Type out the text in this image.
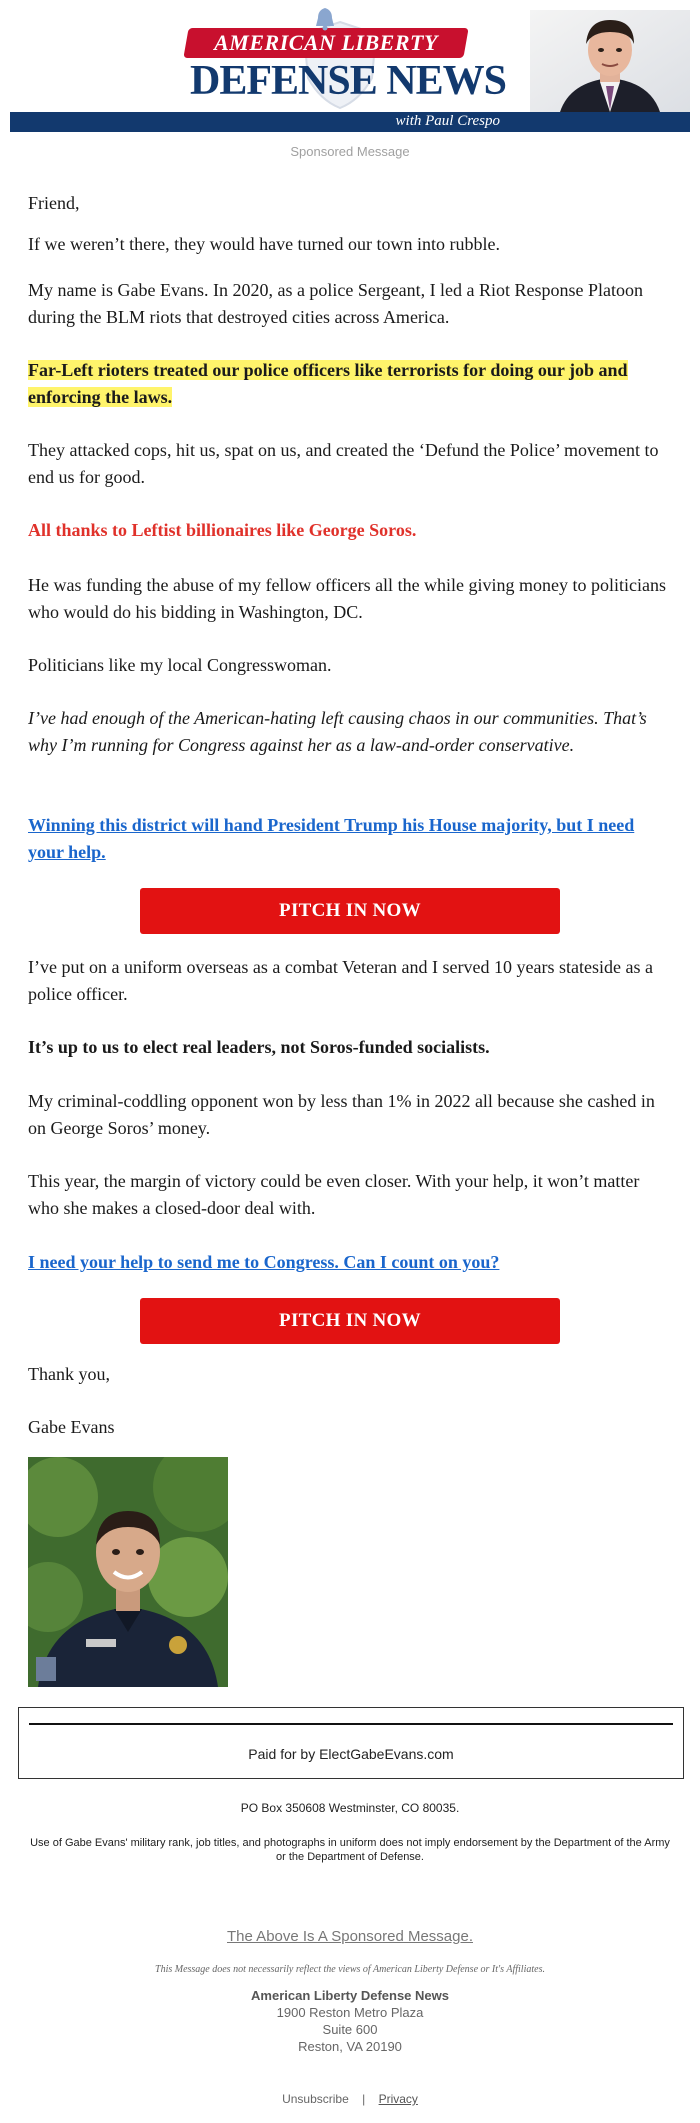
AMERICAN LIBERTY
DEFENSE NEWS
with Paul Crespo
Sponsored Message

Friend,

If we weren’t there, they would have turned our town into rubble.

My name is Gabe Evans. In 2020, as a police Sergeant, I led a Riot Response Platoon during the BLM riots that destroyed cities across America.

Far-Left rioters treated our police officers like terrorists for doing our job and enforcing the laws.

They attacked cops, hit us, spat on us, and created the ‘Defund the Police’ movement to end us for good.

All thanks to Leftist billionaires like George Soros.

He was funding the abuse of my fellow officers all the while giving money to politicians who would do his bidding in Washington, DC.

Politicians like my local Congresswoman.

I’ve had enough of the American-hating left causing chaos in our communities. That’s why I’m running for Congress against her as a law-and-order conservative.

Winning this district will hand President Trump his House majority, but I need your help.

PITCH IN NOW

I’ve put on a uniform overseas as a combat Veteran and I served 10 years stateside as a police officer.

It’s up to us to elect real leaders, not Soros-funded socialists.

My criminal-coddling opponent won by less than 1% in 2022 all because she cashed in on George Soros’ money.

This year, the margin of victory could be even closer. With your help, it won’t matter who she makes a closed-door deal with.

I need your help to send me to Congress. Can I count on you?

PITCH IN NOW

Thank you,

Gabe Evans

Paid for by ElectGabeEvans.com
PO Box 350608 Westminster, CO 80035.
Use of Gabe Evans' military rank, job titles, and photographs in uniform does not imply endorsement by the Department of the Army or the Department of Defense.
The Above Is A Sponsored Message.
This Message does not necessarily reflect the views of American Liberty Defense or It's Affiliates.
American Liberty Defense News
1900 Reston Metro Plaza
Suite 600
Reston, VA 20190
Unsubscribe | Privacy
